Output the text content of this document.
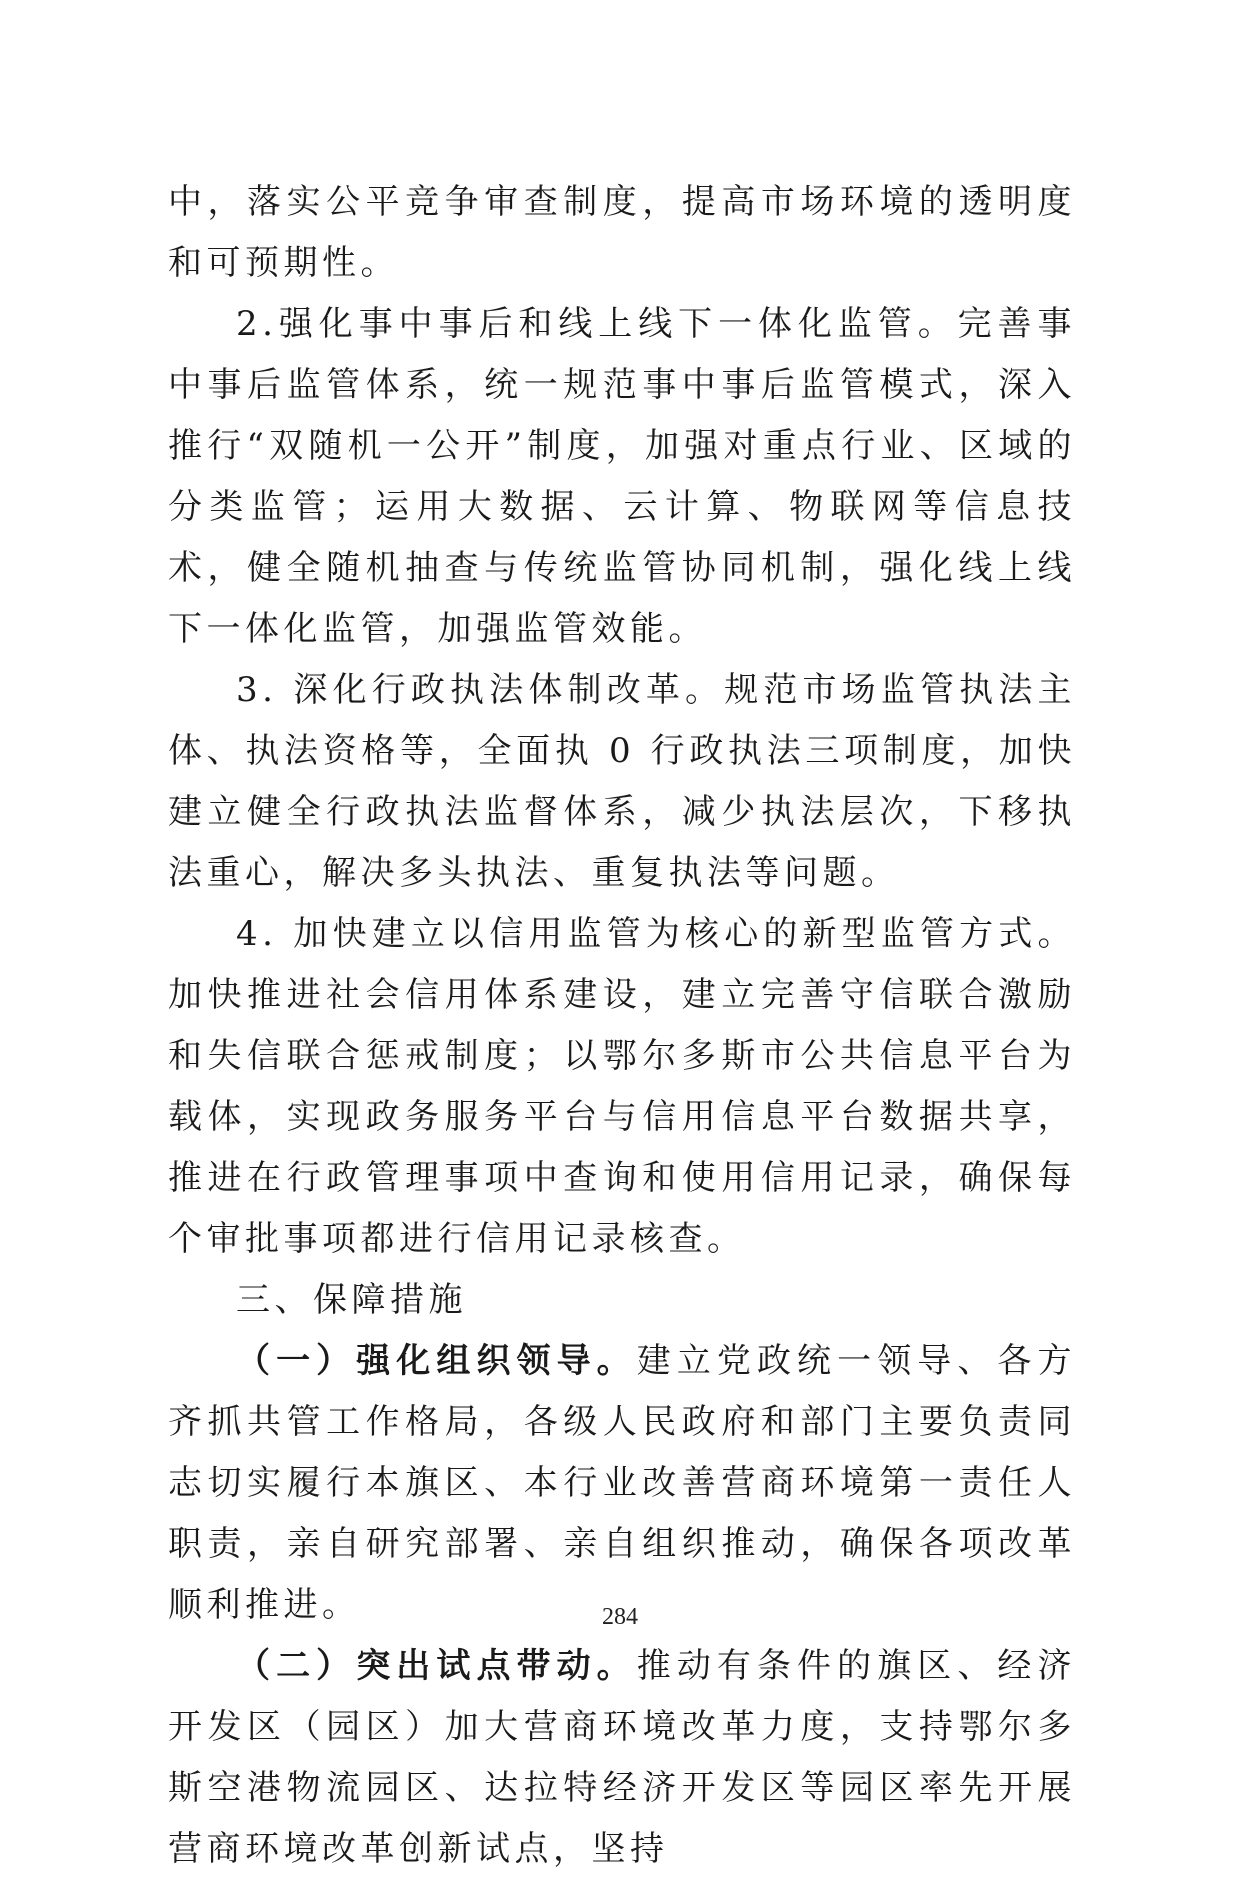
中，落实公平竞争审查制度，提高市场环境的透明度和可预期性。

2.强化事中事后和线上线下一体化监管。完善事中事后监管体系，统一规范事中事后监管模式，深入推行“双随机一公开”制度，加强对重点行业、区域的分类监管；运用大数据、云计算、物联网等信息技术，健全随机抽查与传统监管协同机制，强化线上线下一体化监管，加强监管效能。

3. 深化行政执法体制改革。规范市场监管执法主体、执法资格等，全面执 0 行政执法三项制度，加快建立健全行政执法监督体系，减少执法层次，下移执法重心，解决多头执法、重复执法等问题。

4. 加快建立以信用监管为核心的新型监管方式。加快推进社会信用体系建设，建立完善守信联合激励和失信联合惩戒制度；以鄂尔多斯市公共信息平台为载体，实现政务服务平台与信用信息平台数据共享，推进在行政管理事项中查询和使用信用记录，确保每个审批事项都进行信用记录核查。

三、保障措施

（一）强化组织领导。建立党政统一领导、各方齐抓共管工作格局，各级人民政府和部门主要负责同志切实履行本旗区、本行业改善营商环境第一责任人职责，亲自研究部署、亲自组织推动，确保各项改革顺利推进。

（二）突出试点带动。推动有条件的旗区、经济开发区（园区）加大营商环境改革力度，支持鄂尔多斯空港物流园区、达拉特经济开发区等园区率先开展营商环境改革创新试点，坚持

284
